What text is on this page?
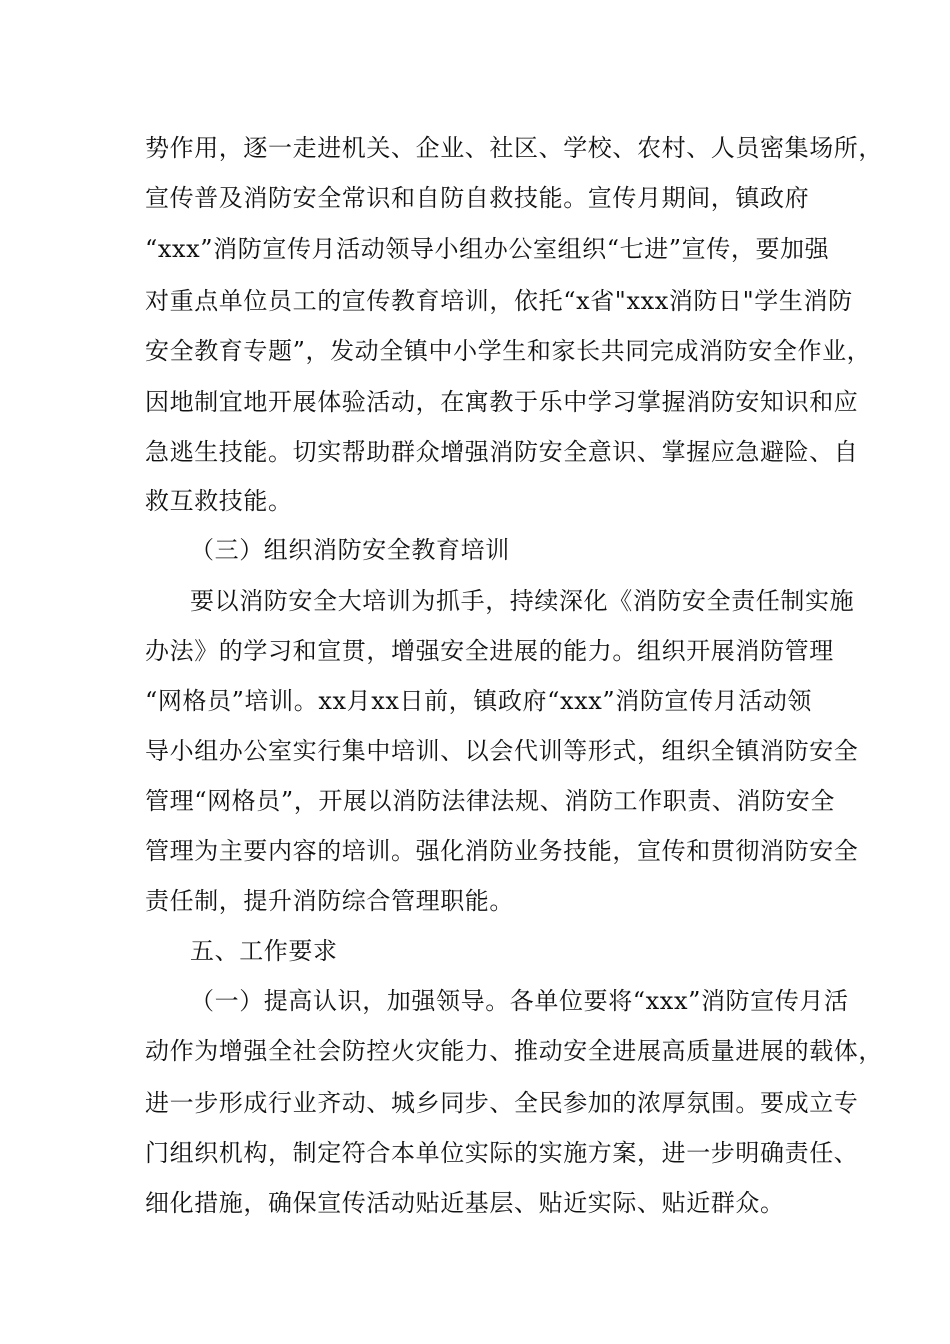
势作用，逐一走进机关、企业、社区、学校、农村、人员密集场所，
宣传普及消防安全常识和自防自救技能。宣传月期间，镇政府
“xxx”消防宣传月活动领导小组办公室组织“七进”宣传，要加强
对重点单位员工的宣传教育培训，依托“x省"xxx消防日"学生消防
安全教育专题”，发动全镇中小学生和家长共同完成消防安全作业，
因地制宜地开展体验活动，在寓教于乐中学习掌握消防安知识和应
急逃生技能。切实帮助群众增强消防安全意识、掌握应急避险、自
救互救技能。
（三）组织消防安全教育培训
要以消防安全大培训为抓手，持续深化《消防安全责任制实施
办法》的学习和宣贯，增强安全进展的能力。组织开展消防管理
“网格员”培训。xx月xx日前，镇政府“xxx”消防宣传月活动领
导小组办公室实行集中培训、以会代训等形式，组织全镇消防安全
管理“网格员”，开展以消防法律法规、消防工作职责、消防安全
管理为主要内容的培训。强化消防业务技能，宣传和贯彻消防安全
责任制，提升消防综合管理职能。
五、工作要求
（一）提高认识，加强领导。各单位要将“xxx”消防宣传月活
动作为增强全社会防控火灾能力、推动安全进展高质量进展的载体，
进一步形成行业齐动、城乡同步、全民参加的浓厚氛围。要成立专
门组织机构，制定符合本单位实际的实施方案，进一步明确责任、
细化措施，确保宣传活动贴近基层、贴近实际、贴近群众。
